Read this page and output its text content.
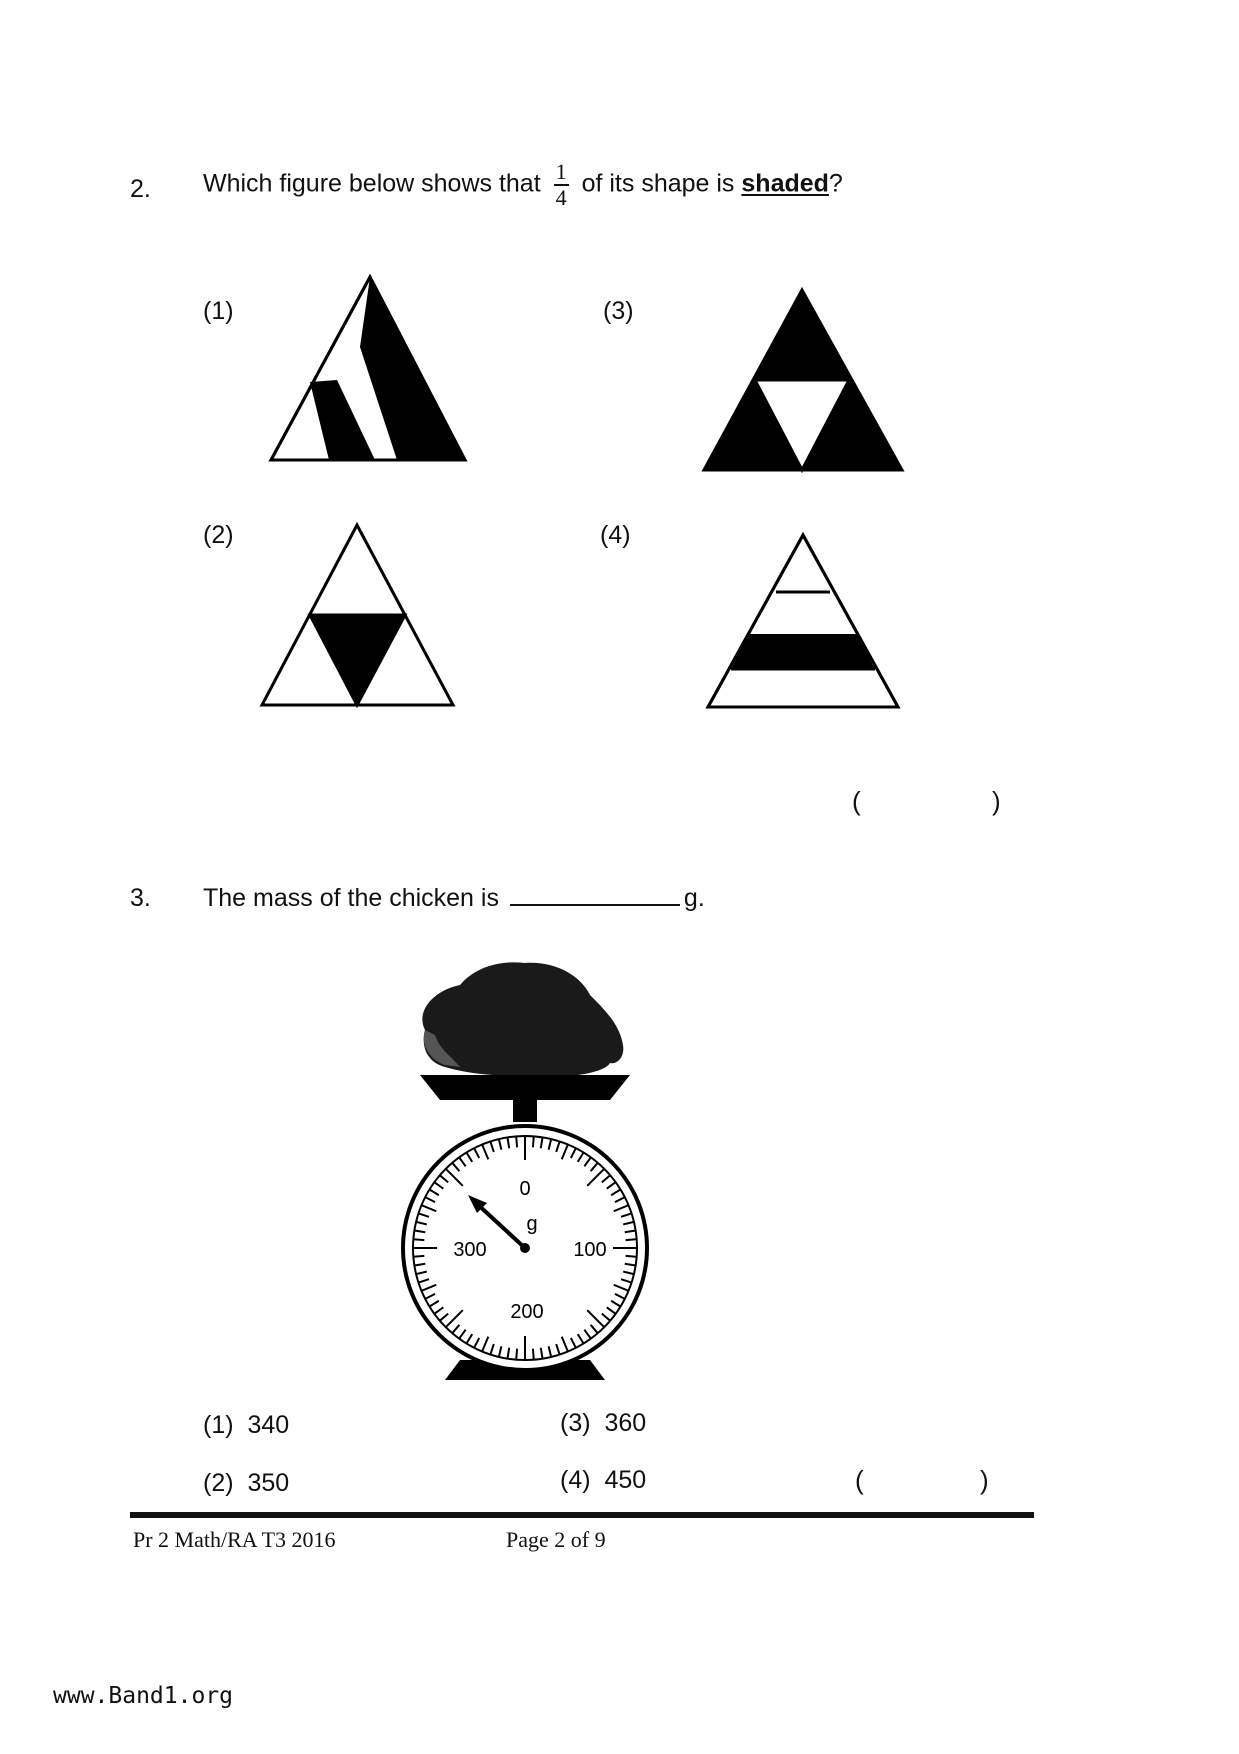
2. Which figure below shows that $\frac{1}{4}$ of its shape is shaded?
(1)	(3)
(2)	(4)
(	)
3. The mass of the chicken is	g.
0
100
200
300
g
(1) 340
(2) 350
(3) 360
(4) 450	(	)
Pr 2 Math/RA T3 2016	Page 2 of 9
www.Band1.org
